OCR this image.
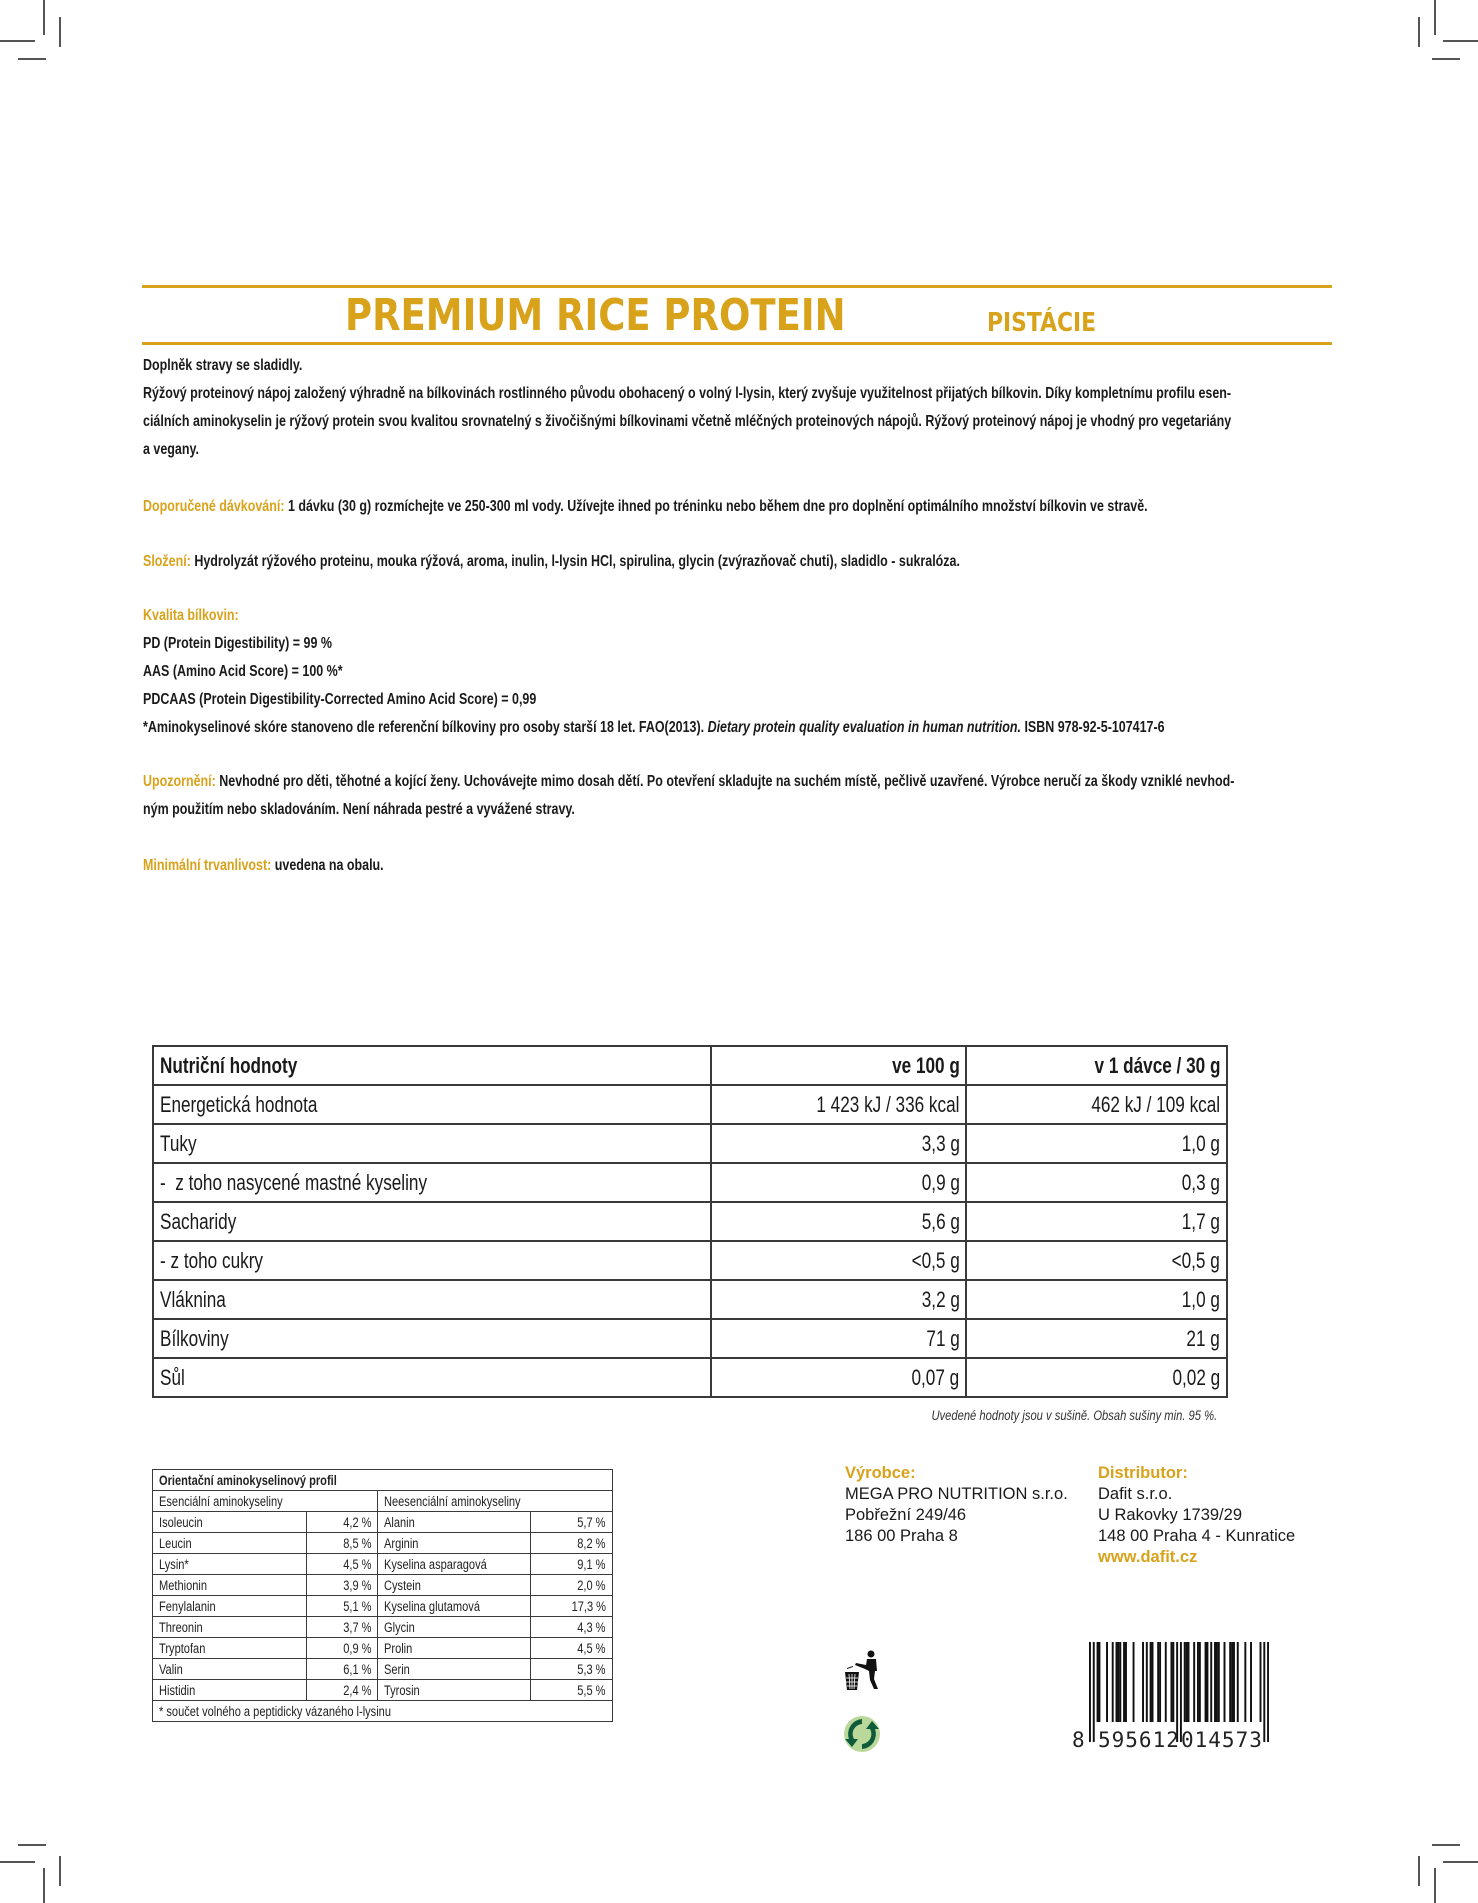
PREMIUM RICE PROTEIN	PISTÁCIE
Doplněk stravy se sladidly.
Rýžový proteinový nápoj založený výhradně na bílkovinách rostlinného původu obohacený o volný l-lysin, který zvyšuje využitelnost přijatých bílkovin. Díky kompletnímu profilu esen-
ciálních aminokyselin je rýžový protein svou kvalitou srovnatelný s živočišnými bílkovinami včetně mléčných proteinových nápojů. Rýžový proteinový nápoj je vhodný pro vegetariány
a vegany.
Doporučené dávkování: 1 dávku (30 g) rozmíchejte ve 250-300 ml vody. Užívejte ihned po tréninku nebo během dne pro doplnění optimálního množství bílkovin ve stravě.
Složení: Hydrolyzát rýžového proteinu, mouka rýžová, aroma, inulin, l-lysin HCl, spirulina, glycin (zvýrazňovač chuti), sladidlo - sukralóza.
Kvalita bílkovin:
PD (Protein Digestibility) = 99 %
AAS (Amino Acid Score) = 100 %*
PDCAAS (Protein Digestibility-Corrected Amino Acid Score) = 0,99
*Aminokyselinové skóre stanoveno dle referenční bílkoviny pro osoby starší 18 let. FAO(2013). Dietary protein quality evaluation in human nutrition. ISBN 978-92-5-107417-6
Upozornění: Nevhodné pro děti, těhotné a kojící ženy. Uchovávejte mimo dosah dětí. Po otevření skladujte na suchém místě, pečlivě uzavřené. Výrobce neručí za škody vzniklé nevhod-
ným použitím nebo skladováním. Není náhrada pestré a vyvážené stravy.
Minimální trvanlivost: uvedena na obalu.
Nutriční hodnoty	ve 100 g	v 1 dávce / 30 g
Energetická hodnota	1 423 kJ / 336 kcal	462 kJ / 109 kcal
Tuky	3,3 g	1,0 g
-  z toho nasycené mastné kyseliny	0,9 g	0,3 g
Sacharidy	5,6 g	1,7 g
- z toho cukry	<0,5 g	<0,5 g
Vláknina	3,2 g	1,0 g
Bílkoviny	71 g	21 g
Sůl	0,07 g	0,02 g
Uvedené hodnoty jsou v sušině. Obsah sušiny min. 95 %.
Orientační aminokyselinový profil			
Esenciální aminokyseliny		Neesenciální aminokyseliny	
Isoleucin	4,2 %	Alanin	5,7 %
Leucin	8,5 %	Arginin	8,2 %
Lysin*	4,5 %	Kyselina asparagová	9,1 %
Methionin	3,9 %	Cystein	2,0 %
Fenylalanin	5,1 %	Kyselina glutamová	17,3 %
Threonin	3,7 %	Glycin	4,3 %
Tryptofan	0,9 %	Prolin	4,5 %
Valin	6,1 %	Serin	5,3 %
Histidin	2,4 %	Tyrosin	5,5 %
* součet volného a peptidicky vázaného l-lysinu			
Výrobce:
MEGA PRO NUTRITION s.r.o.
Pobřežní 249/46
186 00 Praha 8
Distributor:
Dafit s.r.o.
U Rakovky 1739/29
148 00 Praha 4 - Kunratice
www.dafit.cz
8 595612 014573
